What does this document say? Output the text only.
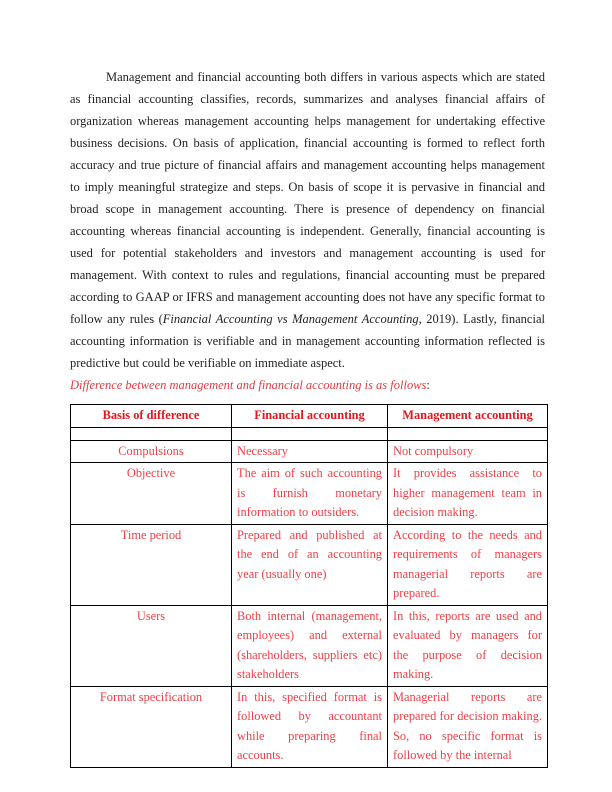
Management and financial accounting both differs in various aspects which are stated as financial accounting classifies, records, summarizes and analyses financial affairs of organization whereas management accounting helps management for undertaking effective business decisions. On basis of application, financial accounting is formed to reflect forth accuracy and true picture of financial affairs and management accounting helps management to imply meaningful strategize and steps. On basis of scope it is pervasive in financial and broad scope in management accounting. There is presence of dependency on financial accounting whereas financial accounting is independent. Generally, financial accounting is used for potential stakeholders and investors and management accounting is used for management. With context to rules and regulations, financial accounting must be prepared according to GAAP or IFRS and management accounting does not have any specific format to follow any rules (Financial Accounting vs Management Accounting, 2019). Lastly, financial accounting information is verifiable and in management accounting information reflected is predictive but could be verifiable on immediate aspect.

Difference between management and financial accounting is as follows:

Basis of difference	Financial accounting	Management accounting

Compulsions	Necessary	Not compulsory
Objective	The aim of such accounting is furnish monetary information to outsiders.	It provides assistance to higher management team in decision making.
Time period	Prepared and published at the end of an accounting year (usually one)	According to the needs and requirements of managers managerial reports are prepared.
Users	Both internal (management, employees) and external (shareholders, suppliers etc) stakeholders	In this, reports are used and evaluated by managers for the purpose of decision making.
Format specification	In this, specified format is followed by accountant while preparing final accounts.	Managerial reports are prepared for decision making. So, no specific format is followed by the internal
